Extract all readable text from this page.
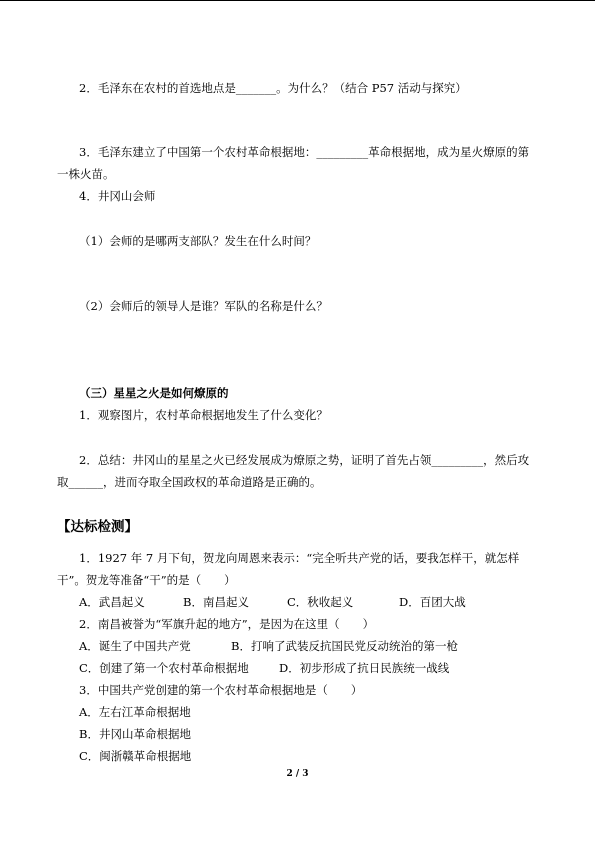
2．毛泽东在农村的首选地点是_______。为什么？（结合 P57 活动与探究）
3．毛泽东建立了中国第一个农村革命根据地：_________革命根据地，成为星火燎原的第
一株火苗。
4．井冈山会师
（1）会师的是哪两支部队？发生在什么时间？
（2）会师后的领导人是谁？军队的名称是什么？
（三）星星之火是如何燎原的
1．观察图片，农村革命根据地发生了什么变化？
2．总结：井冈山的星星之火已经发展成为燎原之势，证明了首先占领_________，然后攻
取______，进而夺取全国政权的革命道路是正确的。
【达标检测】
1．1927 年 7 月下旬，贺龙向周恩来表示：“完全听共产党的话，要我怎样干，就怎样
干”。贺龙等准备“干”的是（　　）
A．武昌起义	B．南昌起义	C．秋收起义	D．百团大战
2．南昌被誉为“军旗升起的地方”，是因为在这里（　　）
A．诞生了中国共产党	B．打响了武装反抗国民党反动统治的第一枪
C．创建了第一个农村革命根据地	D．初步形成了抗日民族统一战线
3．中国共产党创建的第一个农村革命根据地是（　　）
A．左右江革命根据地
B．井冈山革命根据地
C．闽浙赣革命根据地
2 / 3
